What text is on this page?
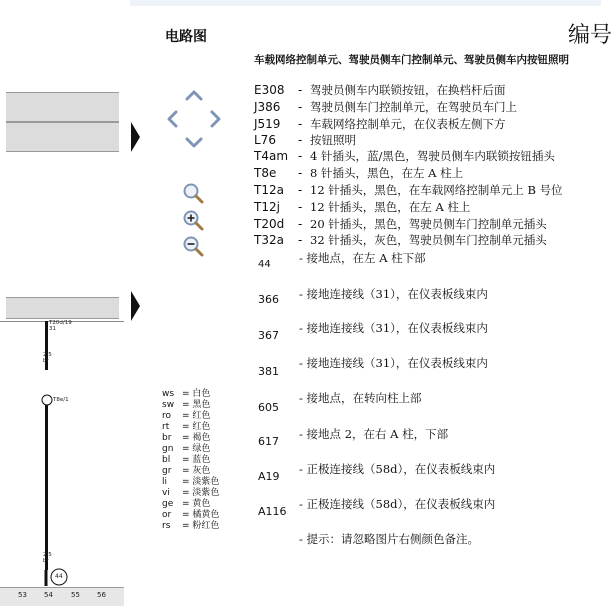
T20d/19
31
2.5
br
T8e/1
2.5
br
44
53 54	55 56
电路图	编号
车载网络控制单元、驾驶员侧车门控制单元、驾驶员侧车内按钮照明
E308 - 驾驶员侧车内联锁按钮，在换档杆后面
J386 - 驾驶员侧车门控制单元，在驾驶员车门上
J519 - 车载网络控制单元，在仪表板左侧下方
L76 - 按钮照明
T4am - 4 针插头，蓝/黑色，驾驶员侧车内联锁按钮插头
T8e - 8 针插头，黑色，在左 A 柱上
T12a - 12 针插头，黑色，在车载网络控制单元上 B 号位
T12j - 12 针插头，黑色，在左 A 柱上
T20d - 20 针插头，黑色，驾驶员侧车门控制单元插头
T32a - 32 针插头，灰色，驾驶员侧车门控制单元插头
44 - 接地点，在左 A 柱下部
366 - 接地连接线（31），在仪表板线束内
367
- 接地连接线（31），在仪表板线束内
381
- 接地连接线（31），在仪表板线束内
605
- 接地点，在转向柱上部
617
- 接地点 2，在右 A 柱，下部
A19
- 正极连接线（58d），在仪表板线束内
A116
- 正极连接线（58d），在仪表板线束内
- 提示：请忽略图片右侧颜色备注。
ws = 白色
sw = 黑色
ro = 红色
rt = 红色
br = 褐色
gn = 绿色
bl = 蓝色
gr = 灰色
li = 淡紫色
vi = 淡紫色
ge = 黄色
or = 橘黄色
rs = 粉红色
